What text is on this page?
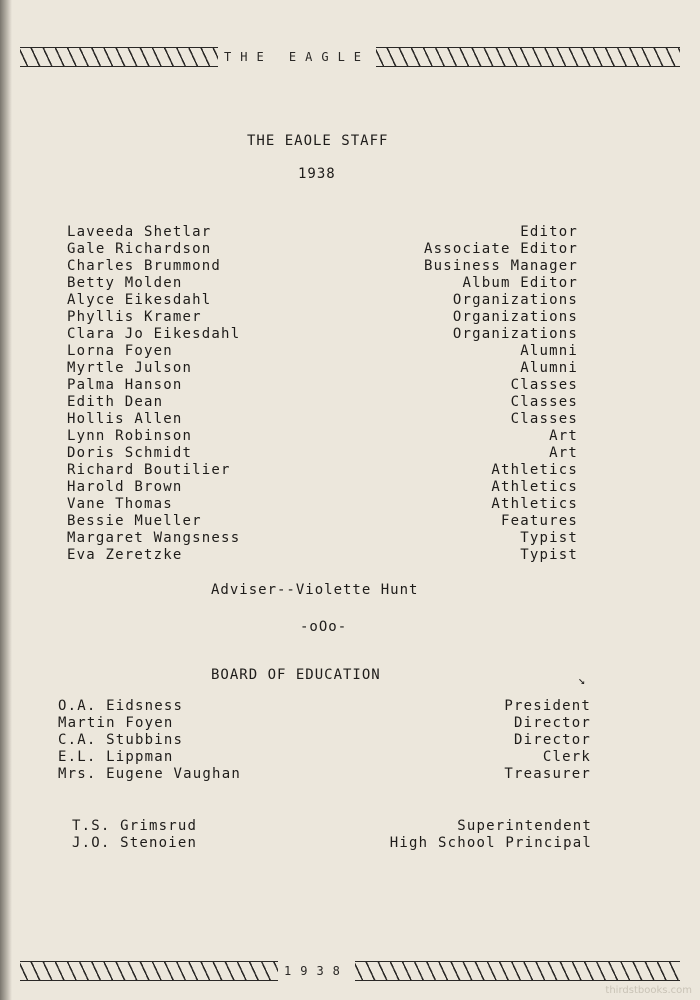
THE EAGLE
THE EAOLE STAFF
1938
Laveeda Shetlar	Editor
Gale Richardson	Associate Editor
Charles Brummond	Business Manager
Betty Molden	Album Editor
Alyce Eikesdahl	Organizations
Phyllis Kramer	Organizations
Clara Jo Eikesdahl	Organizations
Lorna Foyen	Alumni
Myrtle Julson	Alumni
Palma Hanson	Classes
Edith Dean	Classes
Hollis Allen	Classes
Lynn Robinson	Art
Doris Schmidt	Art
Richard Boutilier	Athletics
Harold Brown	Athletics
Vane Thomas	Athletics
Bessie Mueller	Features
Margaret Wangsness	Typist
Eva Zeretzke	Typist
Adviser--Violette Hunt
-oOo-
BOARD OF EDUCATION	↘
O.A. Eidsness	President
Martin Foyen	Director
C.A. Stubbins	Director
E.L. Lippman	Clerk
Mrs. Eugene Vaughan	Treasurer
T.S. Grimsrud	Superintendent
J.O. Stenoien	High School Principal
1938
thirdstbooks.com
